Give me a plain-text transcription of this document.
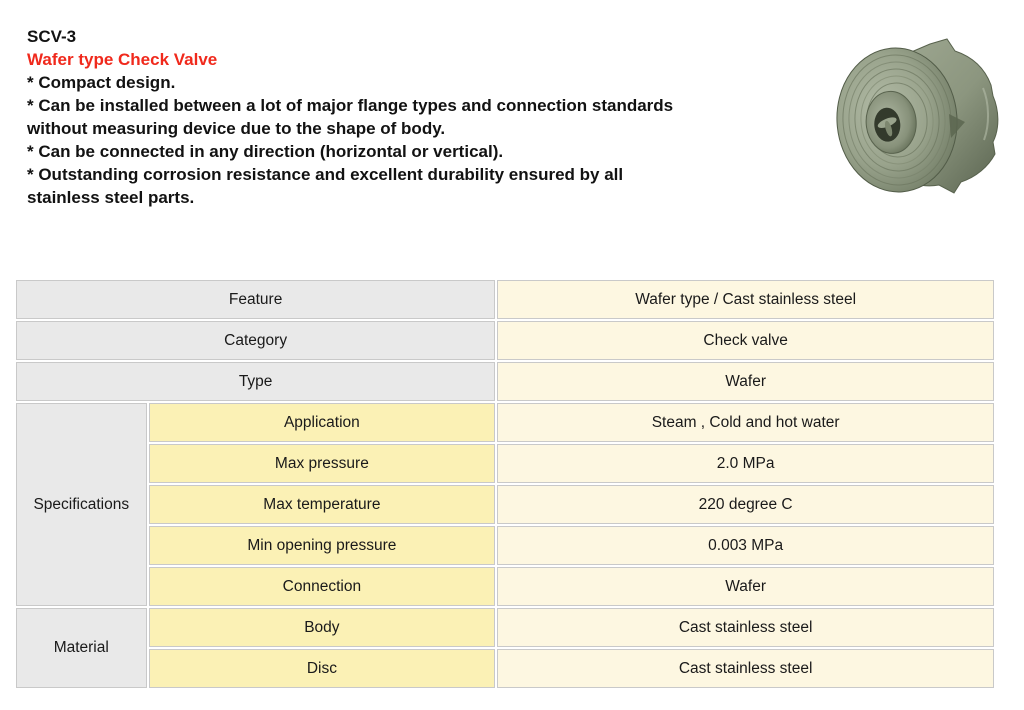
SCV-3
Wafer type Check Valve
* Compact design.
* Can be installed between a lot of major flange types and connection standards without measuring device due to the shape of body.
* Can be connected in any direction (horizontal or vertical).
* Outstanding corrosion resistance and excellent durability ensured by all stainless steel parts.
Feature		Wafer type / Cast stainless steel
Category		Check valve
Type		Wafer
Specifications	Application	Steam , Cold and hot water
	Max pressure	2.0 MPa
	Max temperature	220 degree C
	Min opening pressure	0.003 MPa
	Connection	Wafer
Material	Body	Cast stainless steel
	Disc	Cast stainless steel
